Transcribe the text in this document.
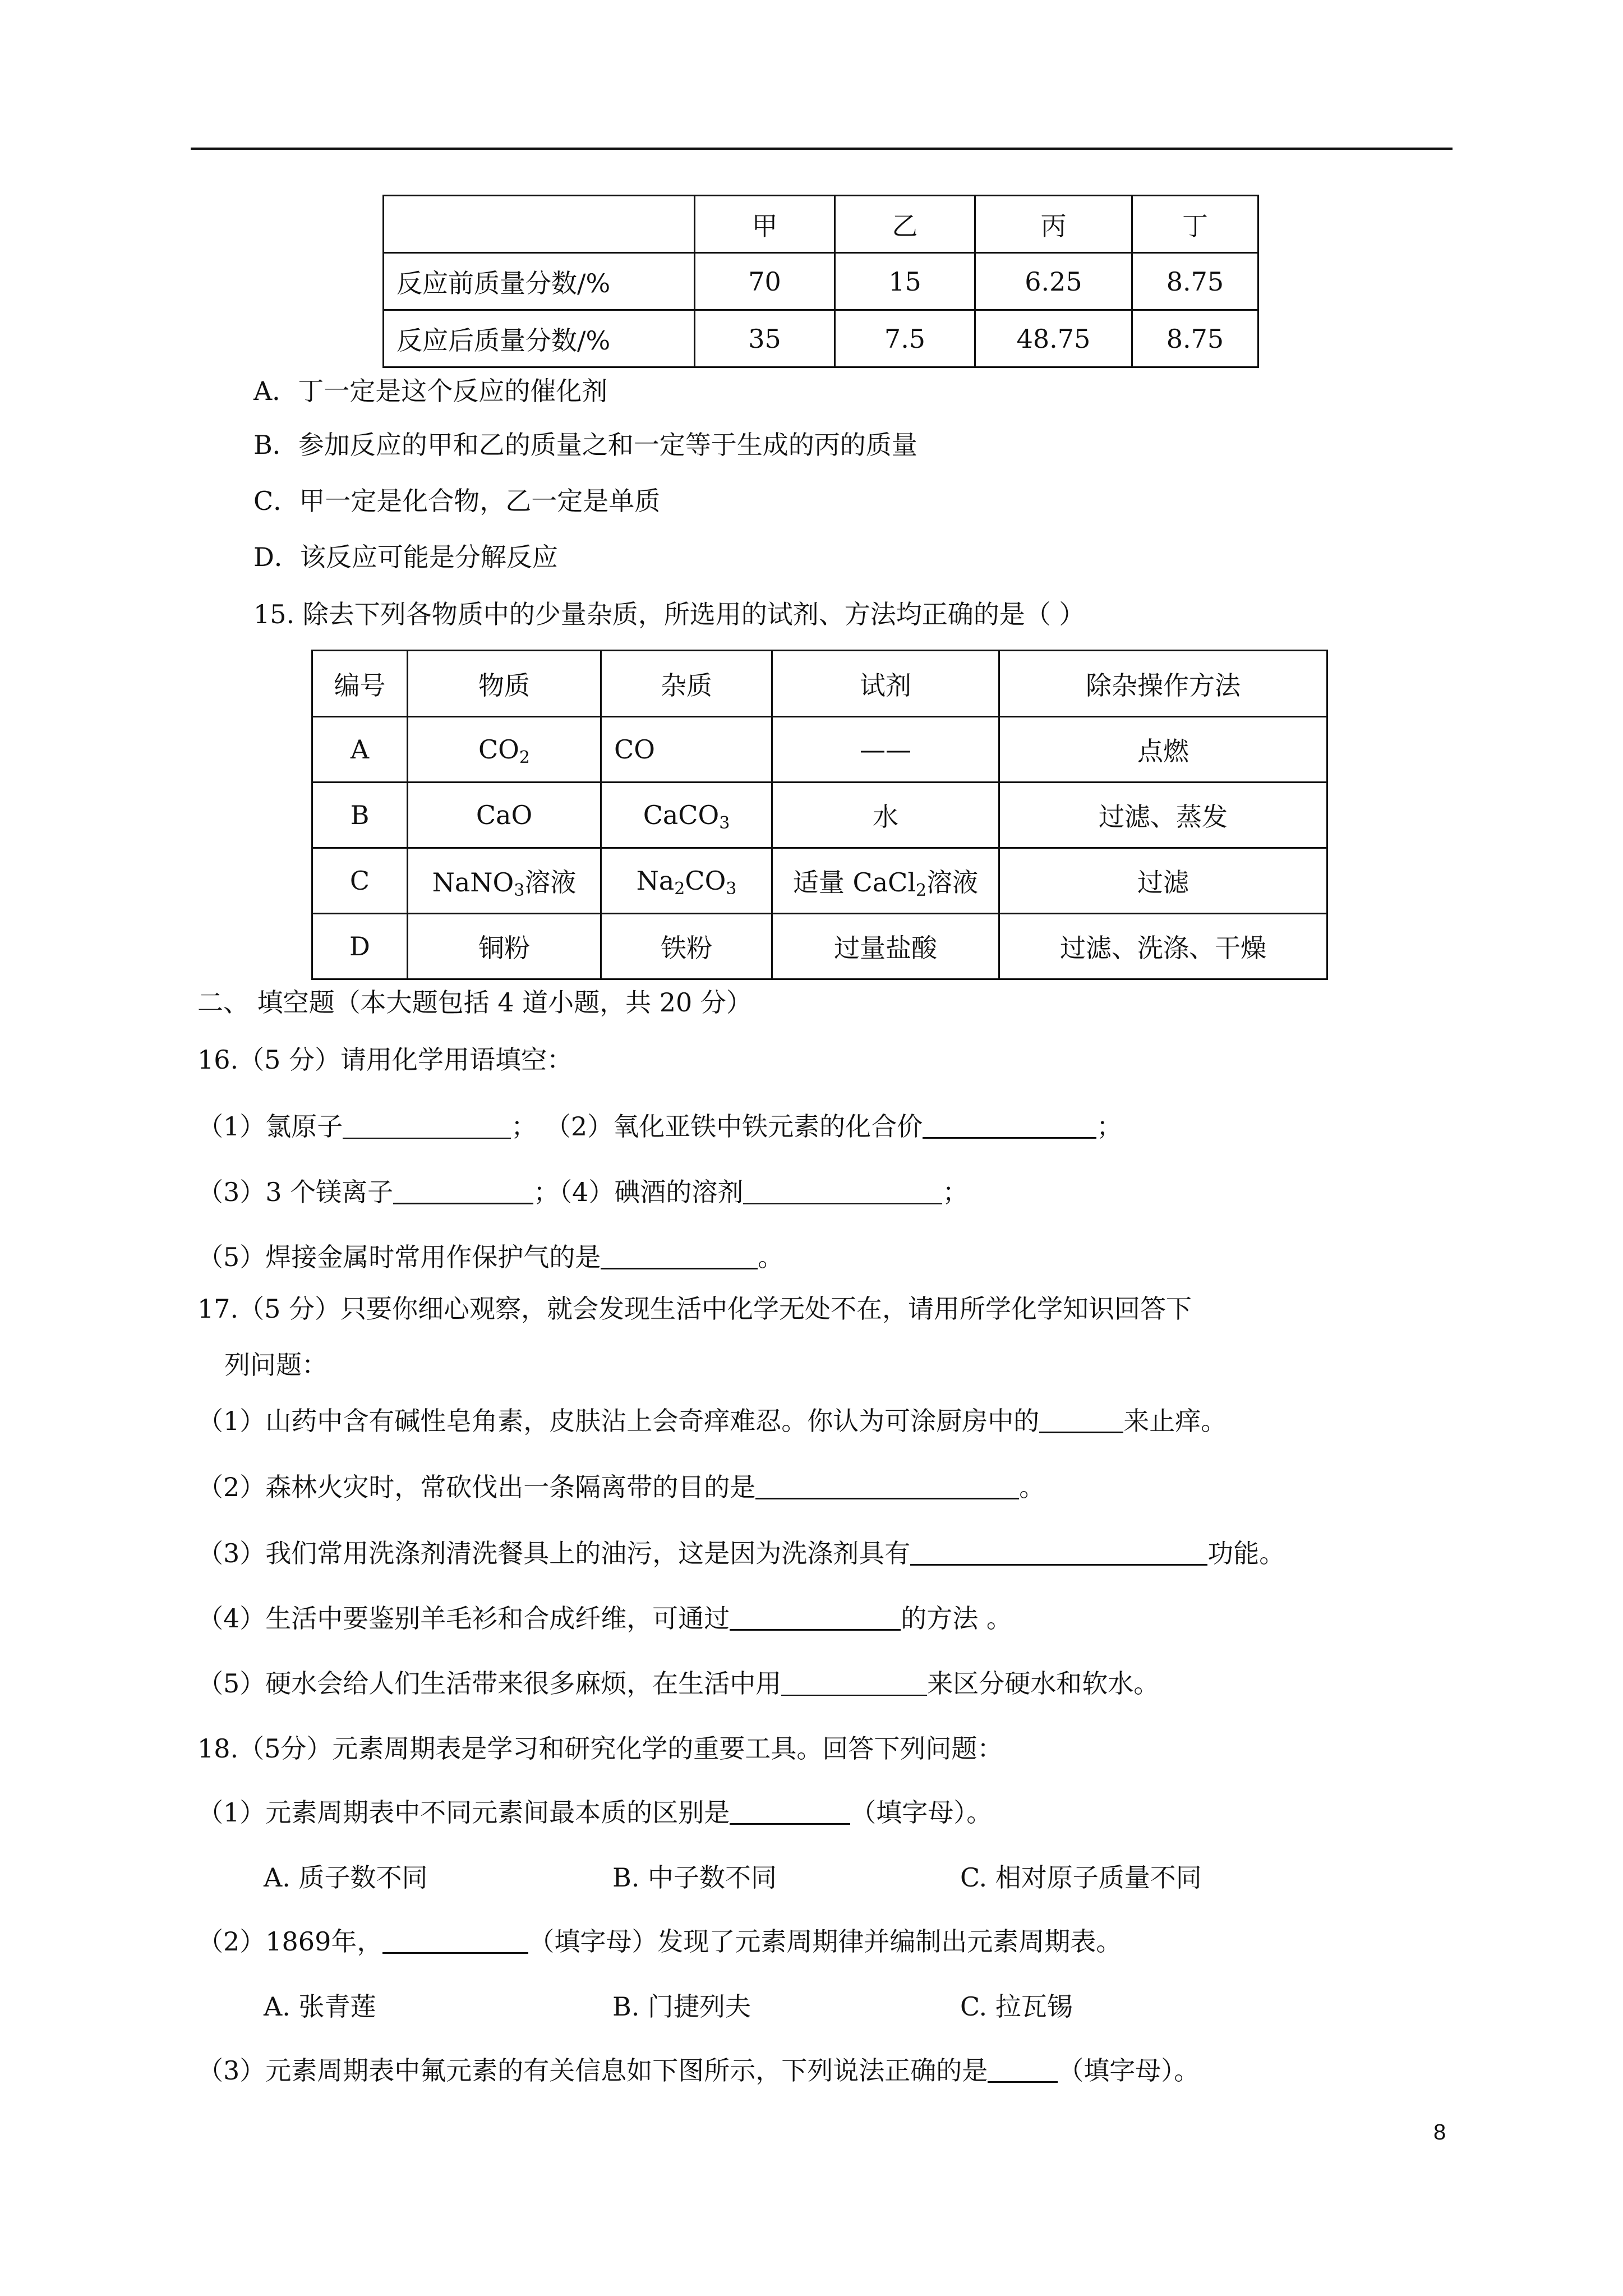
	甲	乙	丙	丁
反应前质量分数/%	70	15	6.25	8.75
反应后质量分数/%	35	7.5	48.75	8.75
A．丁一定是这个反应的催化剂
B．参加反应的甲和乙的质量之和一定等于生成的丙的质量
C．甲一定是化合物，乙一定是单质
D．该反应可能是分解反应
15. 除去下列各物质中的少量杂质，所选用的试剂、方法均正确的是（ ）
编号	物质	杂质	试剂	除杂操作方法
A	$CO_2$	CO	——	点燃
B	CaO	CaCO$_3$	水	过滤、蒸发
C	NaNO$_3$溶液	$Na_2CO_3$	适量 CaCl$_2$溶液	过滤
D	铜粉	铁粉	过量盐酸	过滤、洗涤、干燥
二、 填空题（本大题包括 4 道小题，共 20 分）
16.（5 分）请用化学用语填空：
（1）氯原子	； （2）氧化亚铁中铁元素的化合价	；
（3）3 个镁离子	；（4）碘酒的溶剂	；
（5）焊接金属时常用作保护气的是	。
17.（5 分）只要你细心观察，就会发现生活中化学无处不在，请用所学化学知识回答下
列问题：
（1）山药中含有碱性皂角素，皮肤沾上会奇痒难忍。你认为可涂厨房中的	来止痒。
（2）森林火灾时，常砍伐出一条隔离带的目的是	。
（3）我们常用洗涤剂清洗餐具上的油污，这是因为洗涤剂具有	功能。
（4）生活中要鉴别羊毛衫和合成纤维，可通过	的方法 。
（5）硬水会给人们生活带来很多麻烦，在生活中用	来区分硬水和软水。
18.（5分）元素周期表是学习和研究化学的重要工具。回答下列问题：
（1）元素周期表中不同元素间最本质的区别是	（填字母）。
A. 质子数不同	B. 中子数不同	C. 相对原子质量不同
（2）1869年，	（填字母）发现了元素周期律并编制出元素周期表。
A. 张青莲	B. 门捷列夫	C. 拉瓦锡
（3）元素周期表中氟元素的有关信息如下图所示，下列说法正确的是	（填字母）。
8
